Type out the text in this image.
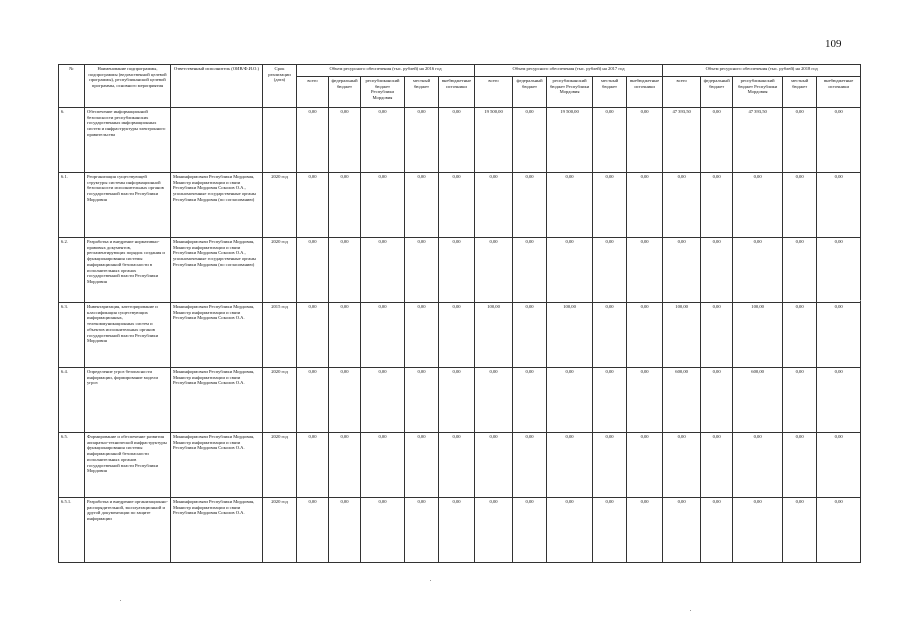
109
№	Наименование подпрограммы, подпрограммы (ведомственной целевой программы), республиканской целевой программы, основного мероприятия	Ответственный исполнитель (ОИВ/Ф.И.О.)	Срок реализации (дата)	Объем ресурсного обеспечения (тыс. рублей) на 2016 год					Объем ресурсного обеспечения (тыс. рублей) на 2017 год					Объем ресурсного обеспечения (тыс. рублей) на 2018 год				
				всего	федеральный бюджет	республиканский бюджет Республики Мордовия	местный бюджет	внебюджетные источники	всего	федеральный бюджет	республиканский бюджет Республики Мордовия	местный бюджет	внебюджетные источники	всего	федеральный бюджет	республиканский бюджет Республики Мордовия	местный бюджет	внебюджетные источники
6.	Обеспечение информационной безопасности республиканских государственных информационных систем и инфраструктуры электронного правительства			0,00	0,00	0,00	0,00	0,00	19 500,00	0,00	19 500,00	0,00	0,00	47 393,50	0,00	47 393,50	0,00	0,00
6.1.	Реорганизация существующей структуры системы информационной безопасности исполнительных органов государственной власти Республики Мордовия	Мининформсвязи Республики Мордовия, Министр информатизации и связи Республики Мордовия Соколов О.А., уполномоченные государственные органы Республики Мордовия (по согласованию)	2020 год	0,00	0,00	0,00	0,00	0,00	0,00	0,00	0,00	0,00	0,00	0,00	0,00	0,00	0,00	0,00
6.2.	Разработка и внедрение нормативно-правовых документов, регламентирующих порядок создания и функционирования системы информационной безопасности в исполнительных органах государственной власти Республики Мордовия	Мининформсвязи Республики Мордовия, Министр информатизации и связи Республики Мордовия Соколов О.А., уполномоченные государственные органы Республики Мордовия (по согласованию)	2020 год	0,00	0,00	0,00	0,00	0,00	0,00	0,00	0,00	0,00	0,00	0,00	0,00	0,00	0,00	0,00
6.3.	Инвентаризация, категорирование и классификация существующих информационных, телекоммуникационных систем и объектов исполнительных органов государственной власти Республики Мордовия	Мининформсвязи Республики Мордовия, Министр информатизации и связи Республики Мордовия Соколов О.А.	2015 год	0,00	0,00	0,00	0,00	0,00	100,00	0,00	100,00	0,00	0,00	100,00	0,00	100,00	0,00	0,00
6.4.	Определение угроз безопасности информации, формирование модели угроз	Мининформсвязи Республики Мордовия, Министр информатизации и связи Республики Мордовия Соколов О.А.	2020 год	0,00	0,00	0,00	0,00	0,00	0,00	0,00	0,00	0,00	0,00	600,00	0,00	600,00	0,00	0,00
6.5.	Формирование и обеспечение развития аппаратно-технической инфраструктуры функционирования системы информационной безопасности исполнительных органов государственной власти Республики Мордовия	Мининформсвязи Республики Мордовия, Министр информатизации и связи Республики Мордовия Соколов О.А.	2020 год	0,00	0,00	0,00	0,00	0,00	0,00	0,00	0,00	0,00	0,00	0,00	0,00	0,00	0,00	0,00
6.5.1.	Разработка и внедрение организационно-распорядительной, эксплуатационной и другой документации по защите информации	Мининформсвязи Республики Мордовия, Министр информатизации и связи Республики Мордовия Соколов О.А.	2020 год	0,00	0,00	0,00	0,00	0,00	0,00	0,00	0,00	0,00	0,00	0,00	0,00	0,00	0,00	0,00
